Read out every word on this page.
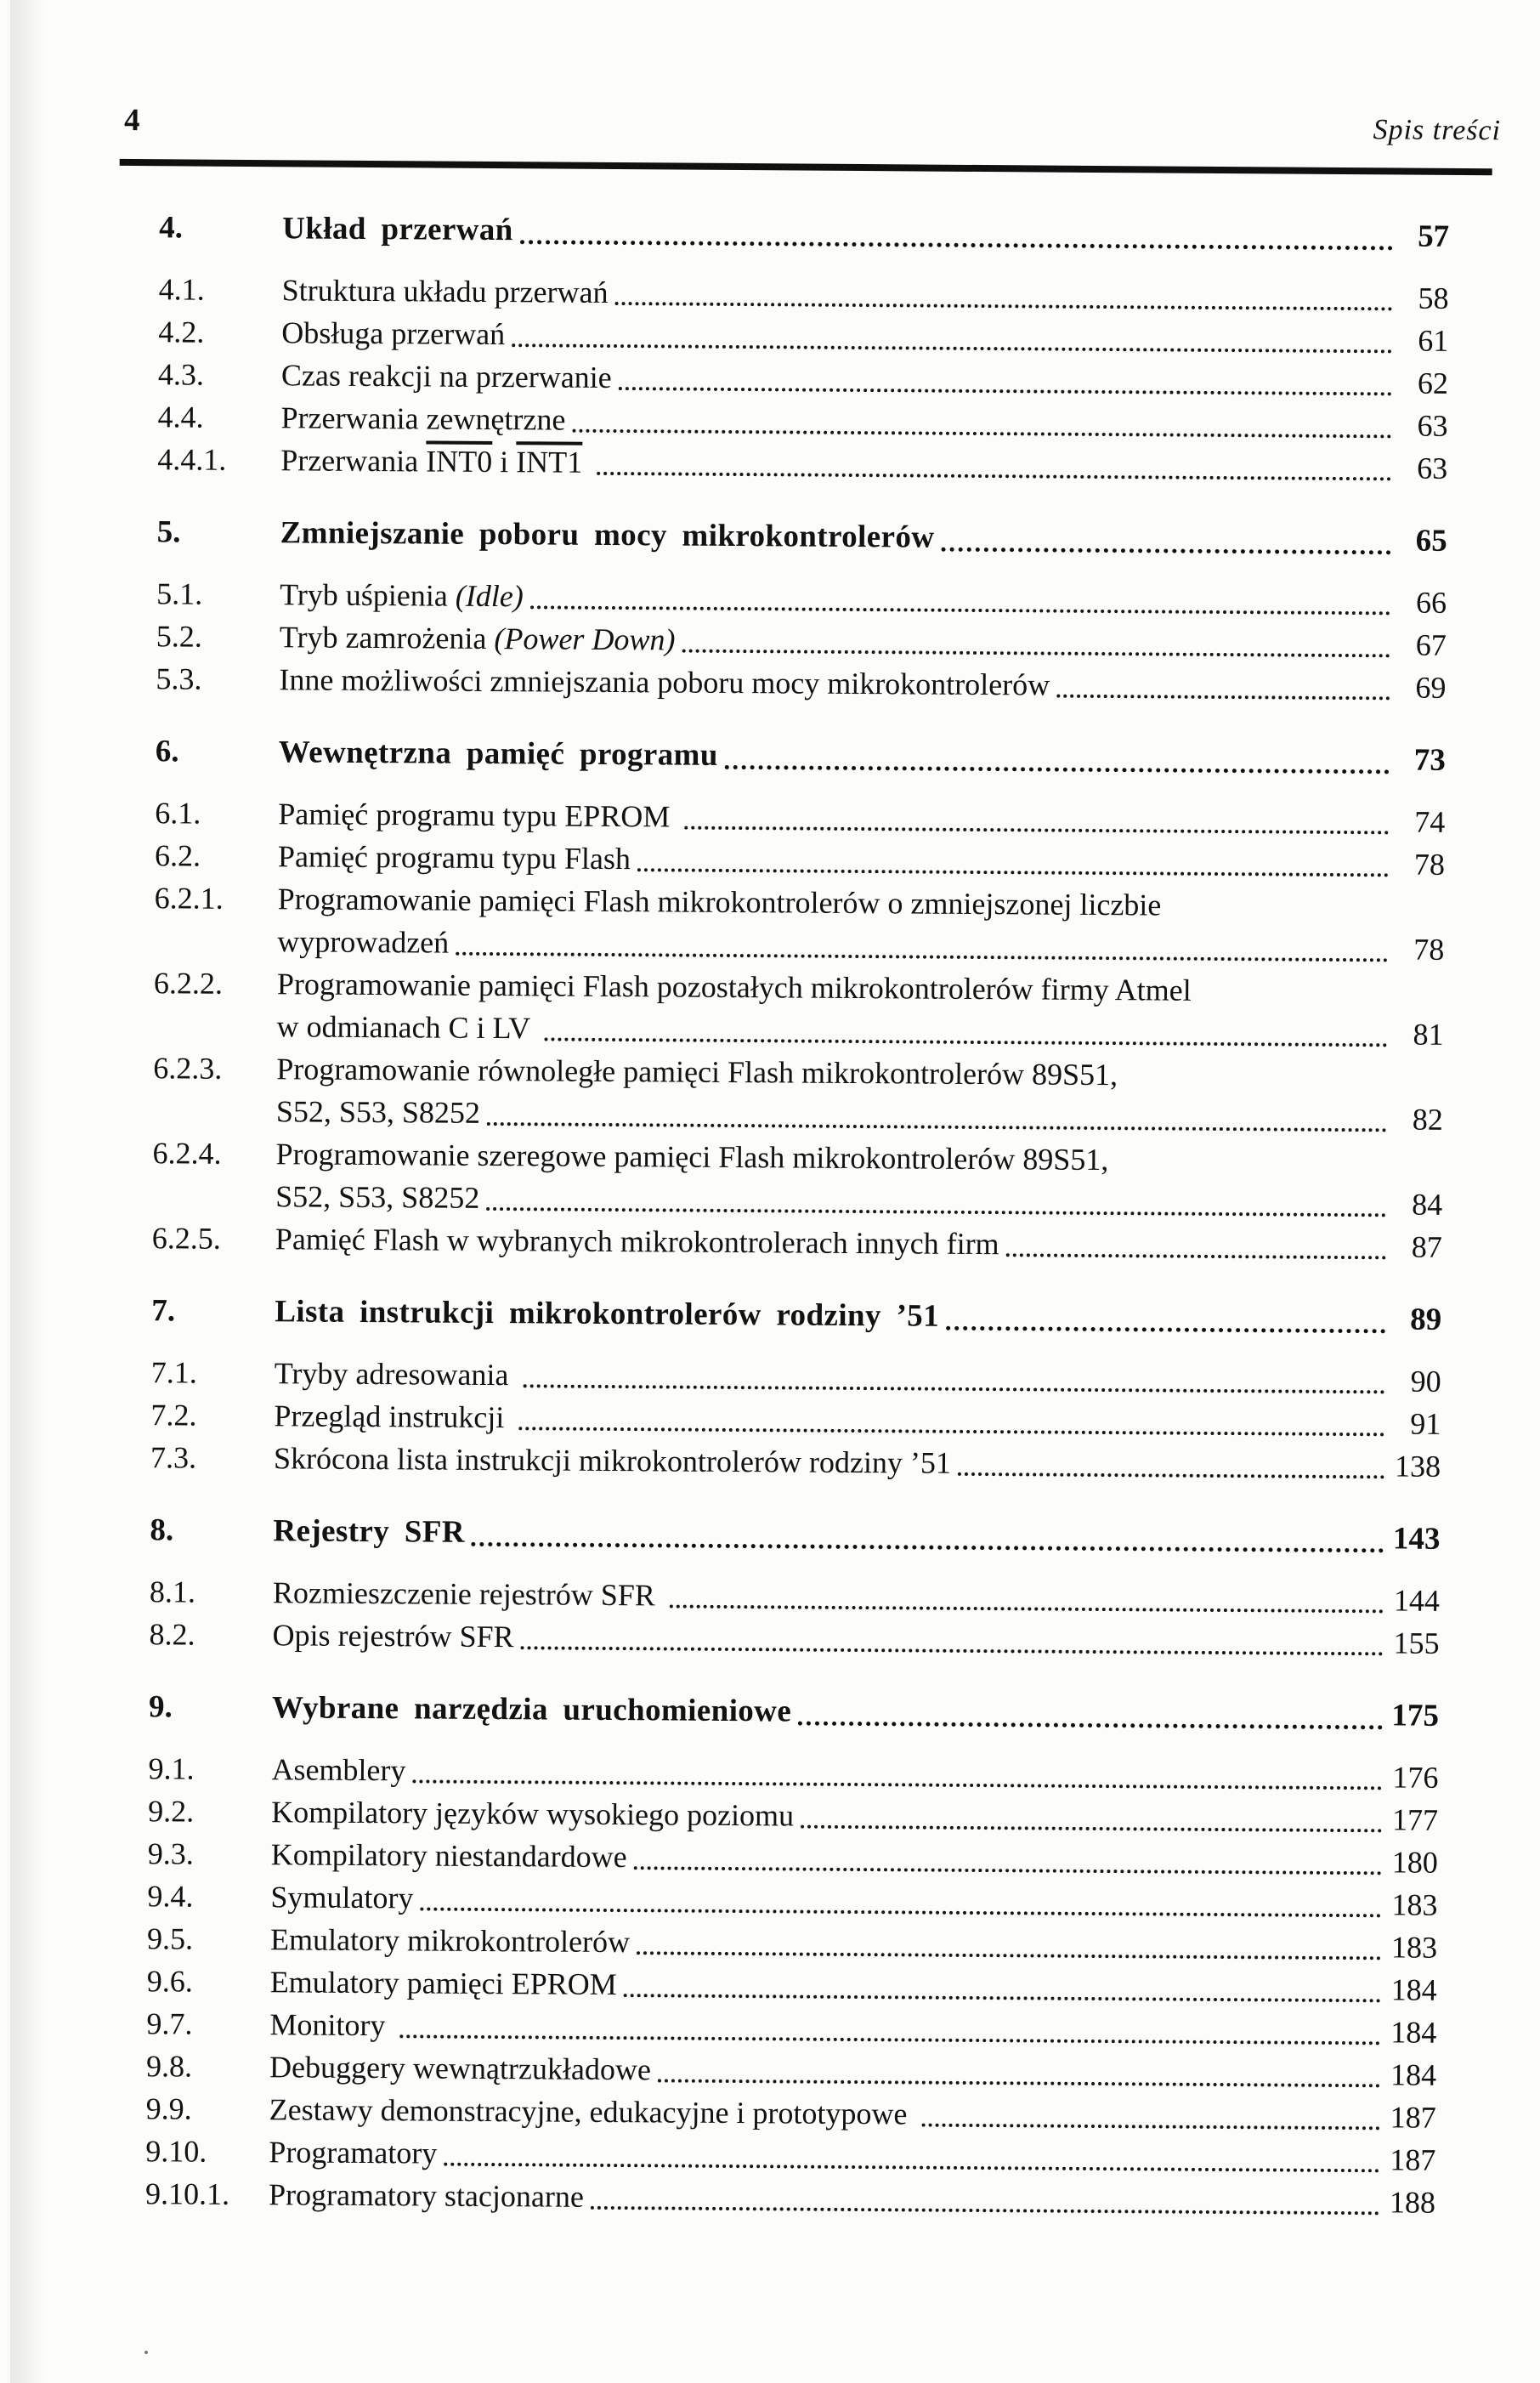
4	Spis treści
4.	Układ przerwań	57
4.1.	Struktura układu przerwań	58
4.2.	Obsługa przerwań	61
4.3.	Czas reakcji na przerwanie	62
4.4.	Przerwania zewnętrzne	63
4.4.1.	Przerwania INT0 i INT1	63
5.	Zmniejszanie poboru mocy mikrokontrolerów	65
5.1.	Tryb uśpienia (Idle)	66
5.2.	Tryb zamrożenia (Power Down)	67
5.3.	Inne możliwości zmniejszania poboru mocy mikrokontrolerów	69
6.	Wewnętrzna pamięć programu	73
6.1.	Pamięć programu typu EPROM	74
6.2.	Pamięć programu typu Flash	78
6.2.1.	Programowanie pamięci Flash mikrokontrolerów o zmniejszonej liczbie
wyprowadzeń	78
6.2.2.	Programowanie pamięci Flash pozostałych mikrokontrolerów firmy Atmel
w odmianach C i LV	81
6.2.3.	Programowanie równoległe pamięci Flash mikrokontrolerów 89S51,
S52, S53, S8252	82
6.2.4.	Programowanie szeregowe pamięci Flash mikrokontrolerów 89S51,
S52, S53, S8252	84
6.2.5.	Pamięć Flash w wybranych mikrokontrolerach innych firm	87
7.	Lista instrukcji mikrokontrolerów rodziny ’51	89
7.1.	Tryby adresowania	90
7.2.	Przegląd instrukcji	91
7.3.	Skrócona lista instrukcji mikrokontrolerów rodziny ’51	138
8.	Rejestry SFR	143
8.1.	Rozmieszczenie rejestrów SFR	144
8.2.	Opis rejestrów SFR	155
9.	Wybrane narzędzia uruchomieniowe	175
9.1.	Asemblery	176
9.2.	Kompilatory języków wysokiego poziomu	177
9.3.	Kompilatory niestandardowe	180
9.4.	Symulatory	183
9.5.	Emulatory mikrokontrolerów	183
9.6.	Emulatory pamięci EPROM	184
9.7.	Monitory	184
9.8.	Debuggery wewnątrzukładowe	184
9.9.	Zestawy demonstracyjne, edukacyjne i prototypowe	187
9.10.	Programatory	187
9.10.1.	Programatory stacjonarne	188
